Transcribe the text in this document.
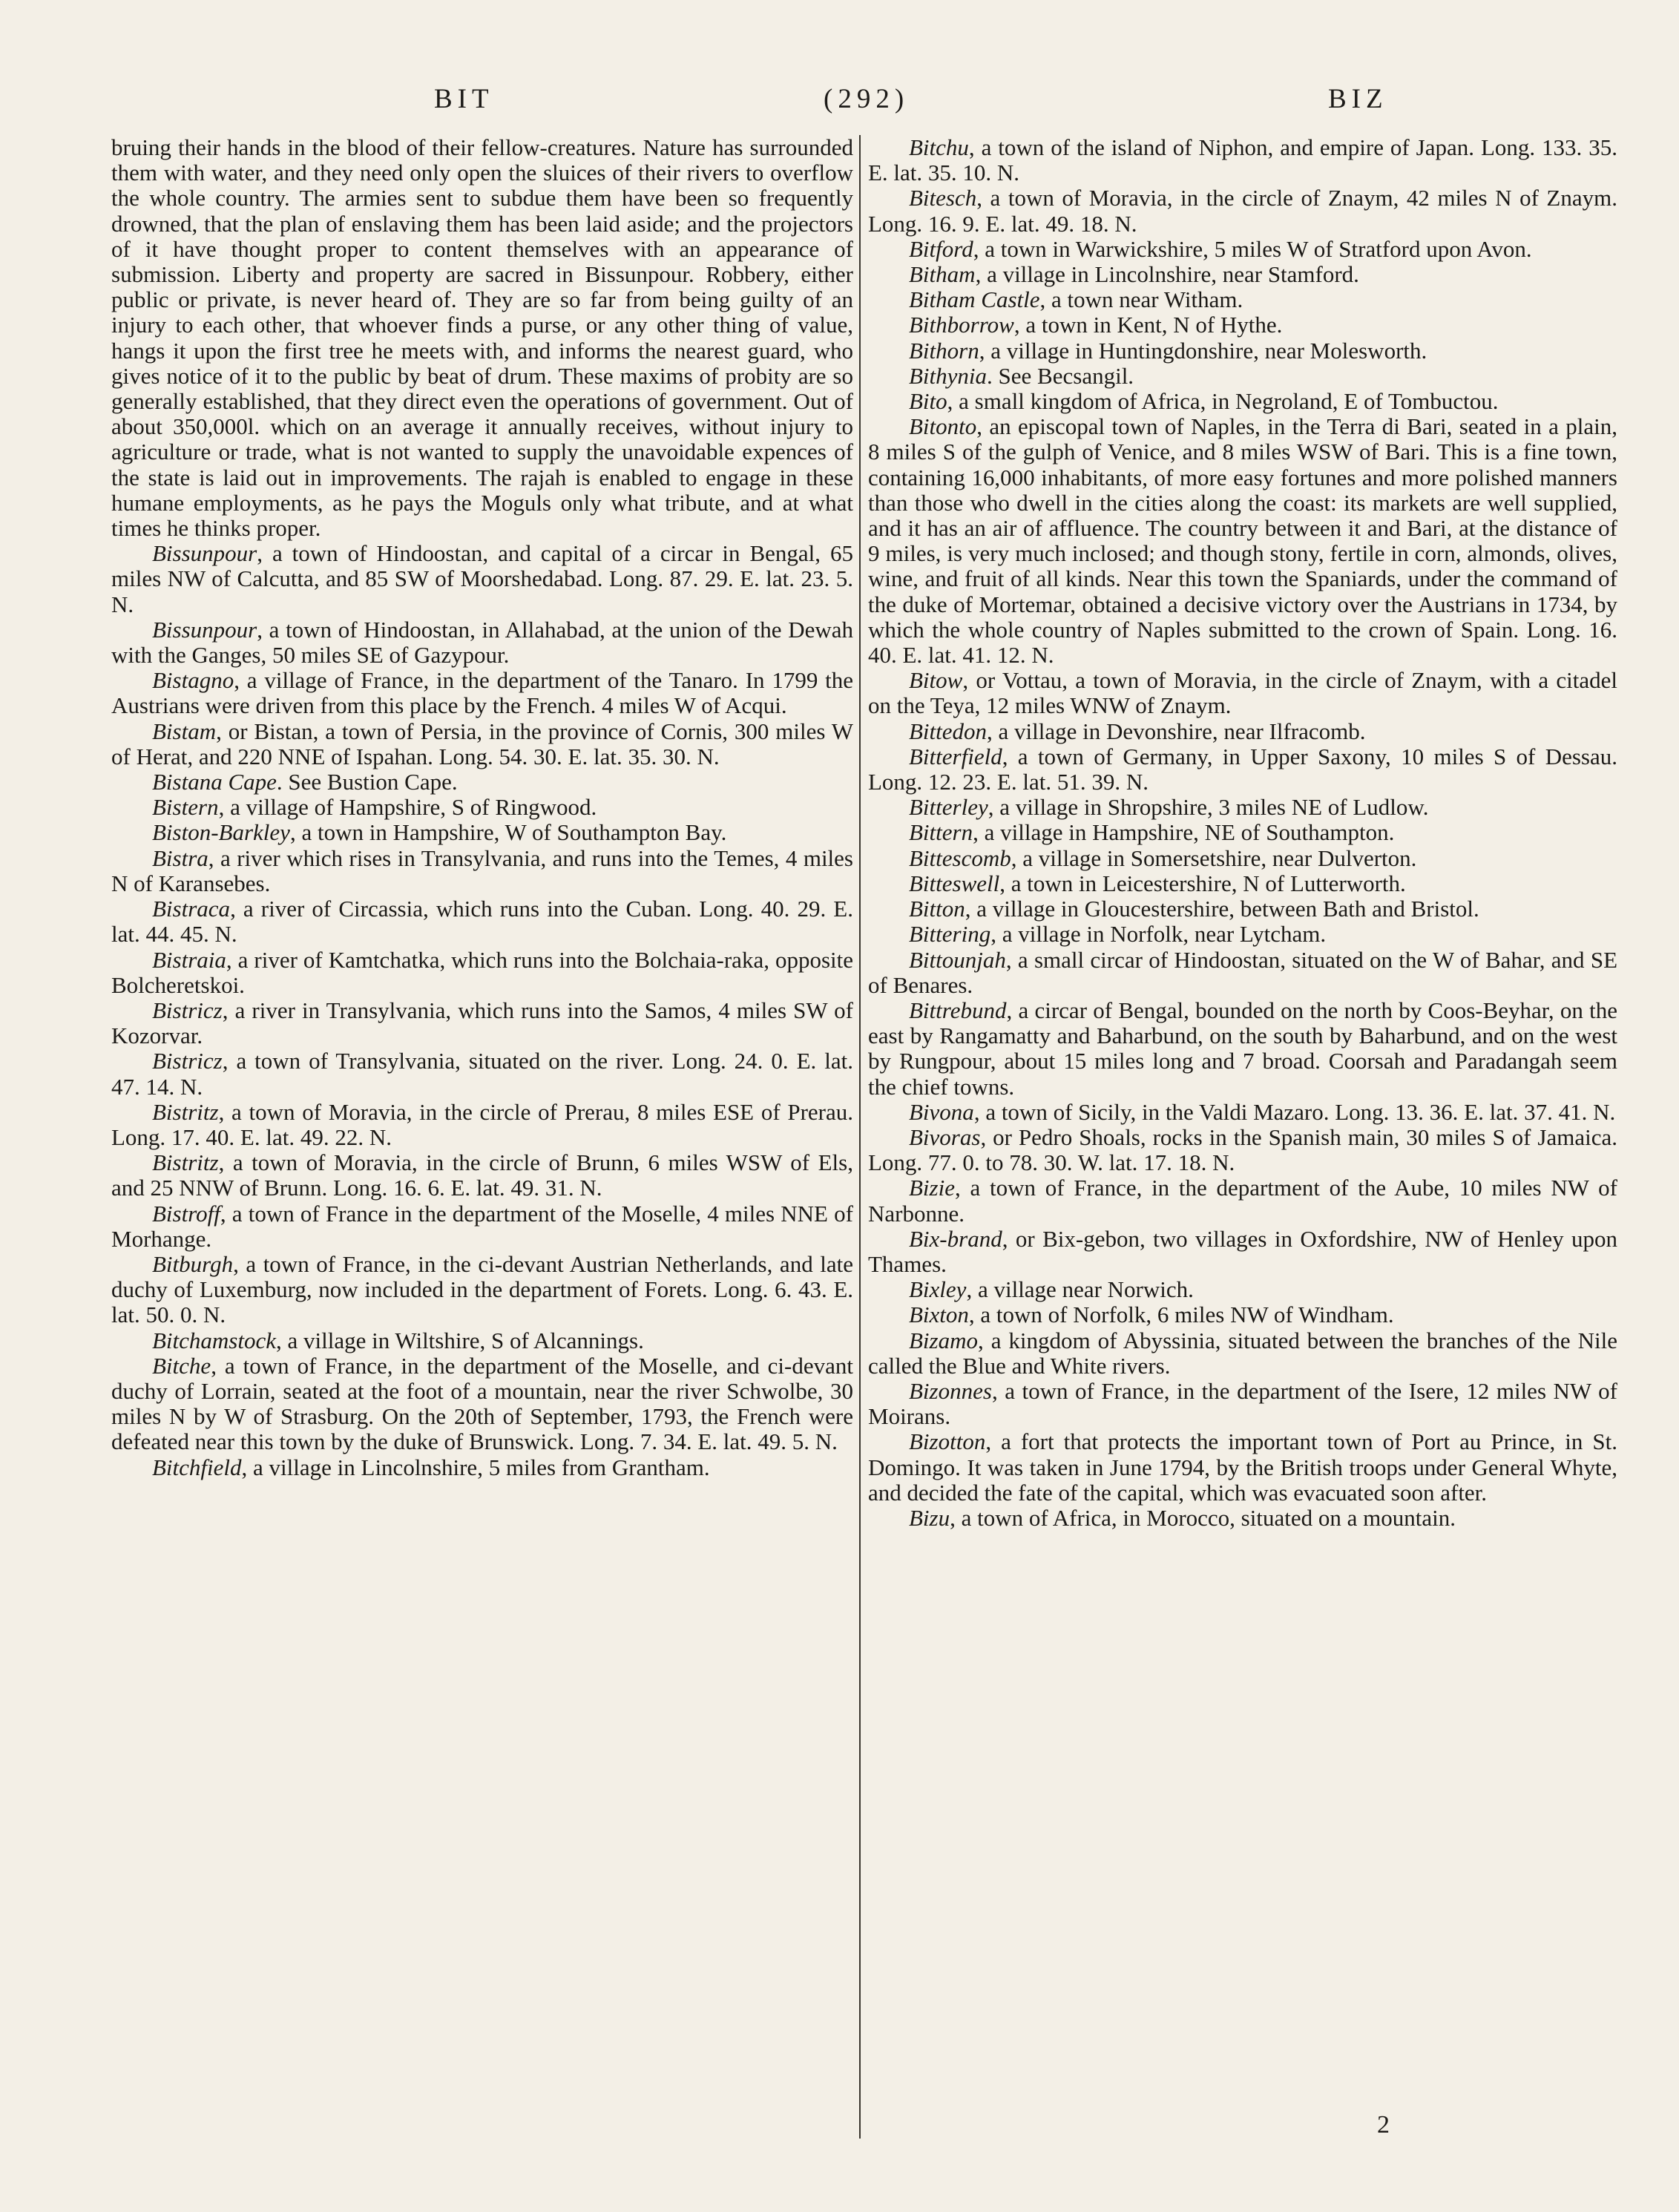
BIT	(292)	BIZ

bruing their hands in the blood of their fellow-creatures. Nature has surrounded them with water, and they need only open the sluices of their rivers to overflow the whole country. The armies sent to subdue them have been so frequently drowned, that the plan of enslaving them has been laid aside; and the projectors of it have thought proper to content themselves with an appearance of submission. Liberty and property are sacred in Bissunpour. Robbery, either public or private, is never heard of. They are so far from being guilty of an injury to each other, that whoever finds a purse, or any other thing of value, hangs it upon the first tree he meets with, and informs the nearest guard, who gives notice of it to the public by beat of drum. These maxims of probity are so generally established, that they direct even the operations of government. Out of about 350,000l. which on an average it annually receives, without injury to agriculture or trade, what is not wanted to supply the unavoidable expences of the state is laid out in improvements. The rajah is enabled to engage in these humane employments, as he pays the Moguls only what tribute, and at what times he thinks proper.

Bissunpour, a town of Hindoostan, and capital of a circar in Bengal, 65 miles NW of Calcutta, and 85 SW of Moorshedabad. Long. 87. 29. E. lat. 23. 5. N.

Bissunpour, a town of Hindoostan, in Allahabad, at the union of the Dewah with the Ganges, 50 miles SE of Gazypour.

Bistagno, a village of France, in the department of the Tanaro. In 1799 the Austrians were driven from this place by the French. 4 miles W of Acqui.

Bistam, or Bistan, a town of Persia, in the province of Cornis, 300 miles W of Herat, and 220 NNE of Ispahan. Long. 54. 30. E. lat. 35. 30. N.

Bistana Cape. See Bustion Cape.

Bistern, a village of Hampshire, S of Ringwood.

Biston-Barkley, a town in Hampshire, W of Southampton Bay.

Bistra, a river which rises in Transylvania, and runs into the Temes, 4 miles N of Karansebes.

Bistraca, a river of Circassia, which runs into the Cuban. Long. 40. 29. E. lat. 44. 45. N.

Bistraia, a river of Kamtchatka, which runs into the Bolchaia-raka, opposite Bolcheretskoi.

Bistricz, a river in Transylvania, which runs into the Samos, 4 miles SW of Kozorvar.

Bistricz, a town of Transylvania, situated on the river. Long. 24. 0. E. lat. 47. 14. N.

Bistritz, a town of Moravia, in the circle of Prerau, 8 miles ESE of Prerau. Long. 17. 40. E. lat. 49. 22. N.

Bistritz, a town of Moravia, in the circle of Brunn, 6 miles WSW of Els, and 25 NNW of Brunn. Long. 16. 6. E. lat. 49. 31. N.

Bistroff, a town of France in the department of the Moselle, 4 miles NNE of Morhange.

Bitburgh, a town of France, in the ci-devant Austrian Netherlands, and late duchy of Luxemburg, now included in the department of Forets. Long. 6. 43. E. lat. 50. 0. N.

Bitchamstock, a village in Wiltshire, S of Alcannings.

Bitche, a town of France, in the department of the Moselle, and ci-devant duchy of Lorrain, seated at the foot of a mountain, near the river Schwolbe, 30 miles N by W of Strasburg. On the 20th of September, 1793, the French were defeated near this town by the duke of Brunswick. Long. 7. 34. E. lat. 49. 5. N.

Bitchfield, a village in Lincolnshire, 5 miles from Grantham.

Bitchu, a town of the island of Niphon, and empire of Japan. Long. 133. 35. E. lat. 35. 10. N.

Bitesch, a town of Moravia, in the circle of Znaym, 42 miles N of Znaym. Long. 16. 9. E. lat. 49. 18. N.

Bitford, a town in Warwickshire, 5 miles W of Stratford upon Avon.

Bitham, a village in Lincolnshire, near Stamford.

Bitham Castle, a town near Witham.

Bithborrow, a town in Kent, N of Hythe.

Bithorn, a village in Huntingdonshire, near Molesworth.

Bithynia. See Becsangil.

Bito, a small kingdom of Africa, in Negroland, E of Tombuctou.

Bitonto, an episcopal town of Naples, in the Terra di Bari, seated in a plain, 8 miles S of the gulph of Venice, and 8 miles WSW of Bari. This is a fine town, containing 16,000 inhabitants, of more easy fortunes and more polished manners than those who dwell in the cities along the coast: its markets are well supplied, and it has an air of affluence. The country between it and Bari, at the distance of 9 miles, is very much inclosed; and though stony, fertile in corn, almonds, olives, wine, and fruit of all kinds. Near this town the Spaniards, under the command of the duke of Mortemar, obtained a decisive victory over the Austrians in 1734, by which the whole country of Naples submitted to the crown of Spain. Long. 16. 40. E. lat. 41. 12. N.

Bitow, or Vottau, a town of Moravia, in the circle of Znaym, with a citadel on the Teya, 12 miles WNW of Znaym.

Bittedon, a village in Devonshire, near Ilfracomb.

Bitterfield, a town of Germany, in Upper Saxony, 10 miles S of Dessau. Long. 12. 23. E. lat. 51. 39. N.

Bitterley, a village in Shropshire, 3 miles NE of Ludlow.

Bittern, a village in Hampshire, NE of Southampton.

Bittescomb, a village in Somersetshire, near Dulverton.

Bitteswell, a town in Leicestershire, N of Lutterworth.

Bitton, a village in Gloucestershire, between Bath and Bristol.

Bittering, a village in Norfolk, near Lytcham.

Bittounjah, a small circar of Hindoostan, situated on the W of Bahar, and SE of Benares.

Bittrebund, a circar of Bengal, bounded on the north by Coos-Beyhar, on the east by Rangamatty and Baharbund, on the south by Baharbund, and on the west by Rungpour, about 15 miles long and 7 broad. Coorsah and Paradangah seem the chief towns.

Bivona, a town of Sicily, in the Valdi Mazaro. Long. 13. 36. E. lat. 37. 41. N.

Bivoras, or Pedro Shoals, rocks in the Spanish main, 30 miles S of Jamaica. Long. 77. 0. to 78. 30. W. lat. 17. 18. N.

Bizie, a town of France, in the department of the Aube, 10 miles NW of Narbonne.

Bix-brand, or Bix-gebon, two villages in Oxfordshire, NW of Henley upon Thames.

Bixley, a village near Norwich.

Bixton, a town of Norfolk, 6 miles NW of Windham.

Bizamo, a kingdom of Abyssinia, situated between the branches of the Nile called the Blue and White rivers.

Bizonnes, a town of France, in the department of the Isere, 12 miles NW of Moirans.

Bizotton, a fort that protects the important town of Port au Prince, in St. Domingo. It was taken in June 1794, by the British troops under General Whyte, and decided the fate of the capital, which was evacuated soon after.

Bizu, a town of Africa, in Morocco, situated on a mountain.

2
